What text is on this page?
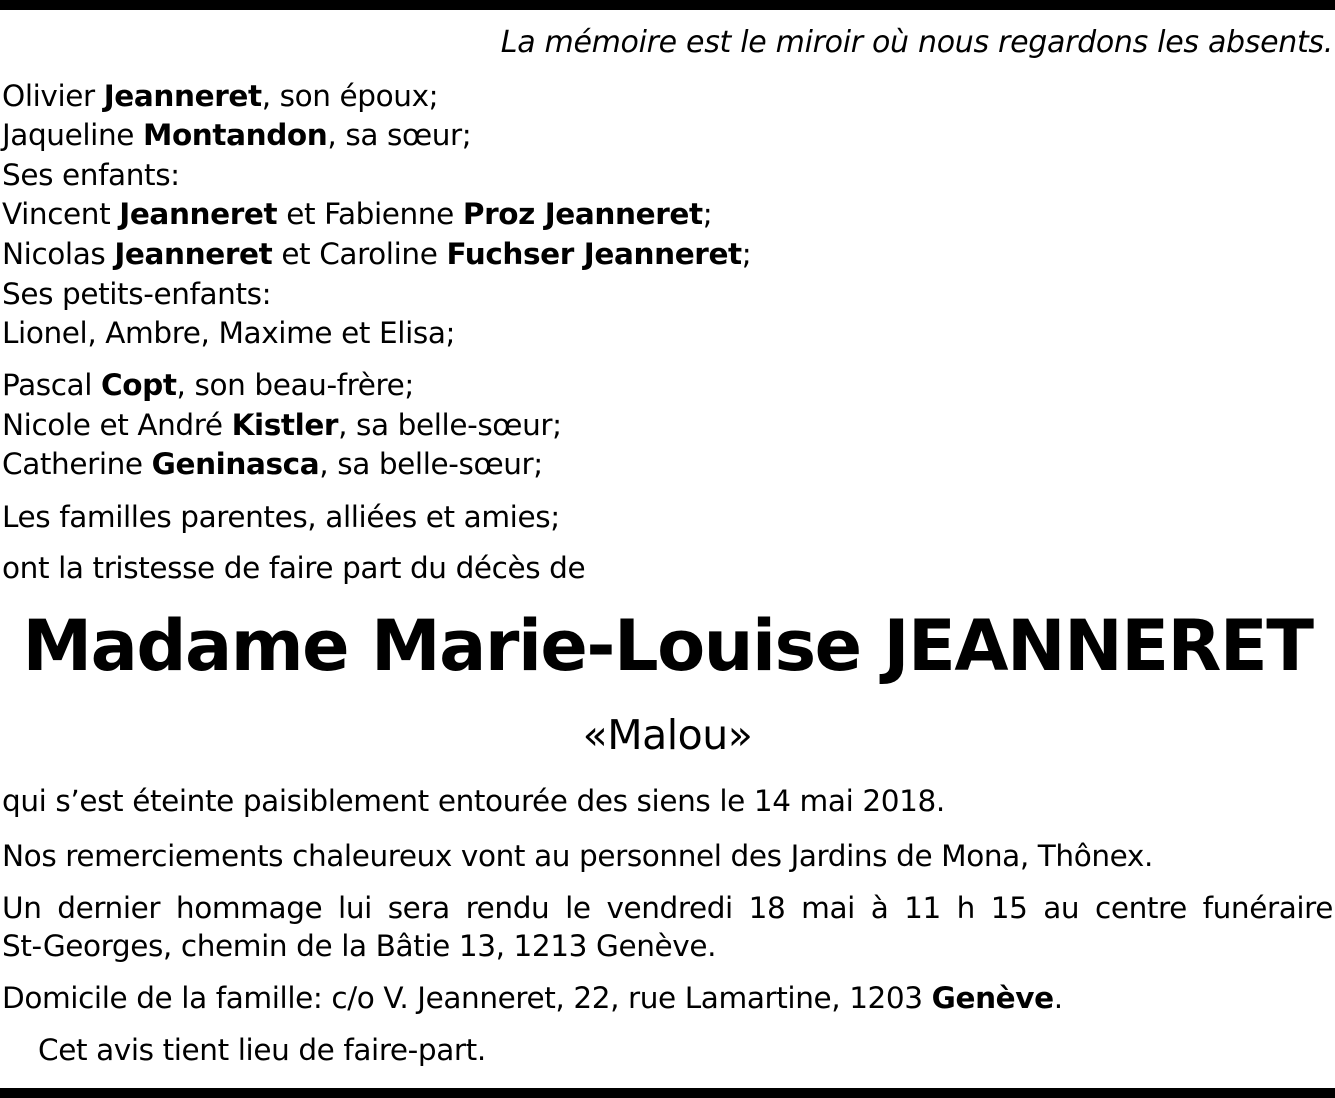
La mémoire est le miroir où nous regardons les absents.
Olivier Jeanneret, son époux;
Jaqueline Montandon, sa sœur;
Ses enfants:
Vincent Jeanneret et Fabienne Proz Jeanneret;
Nicolas Jeanneret et Caroline Fuchser Jeanneret;
Ses petits-enfants:
Lionel, Ambre, Maxime et Elisa;
Pascal Copt, son beau-frère;
Nicole et André Kistler, sa belle-sœur;
Catherine Geninasca, sa belle-sœur;
Les familles parentes, alliées et amies;
ont la tristesse de faire part du décès de
Madame Marie-Louise JEANNERET
«Malou»
qui s’est éteinte paisiblement entourée des siens le 14 mai 2018.
Nos remerciements chaleureux vont au personnel des Jardins de Mona, Thônex.
Un dernier hommage lui sera rendu le vendredi 18 mai à 11 h 15 au centre funéraire
St-Georges, chemin de la Bâtie 13, 1213 Genève.
Domicile de la famille: c/o V. Jeanneret, 22, rue Lamartine, 1203 Genève.
Cet avis tient lieu de faire-part.
